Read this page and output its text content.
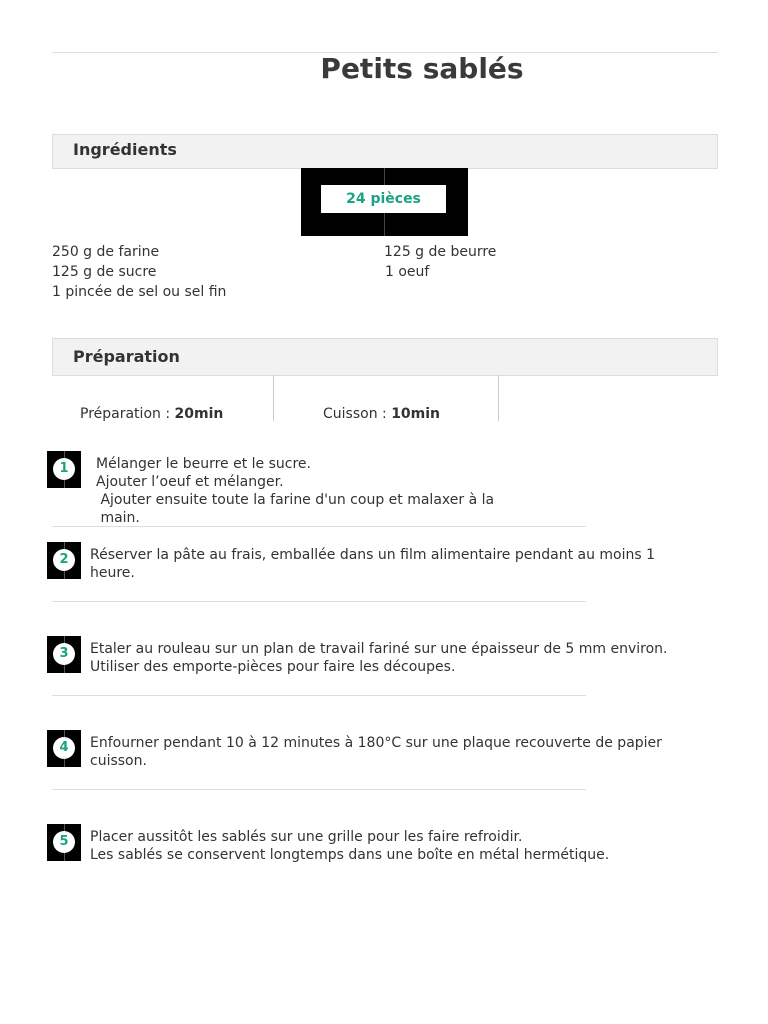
Petits sablés
Ingrédients
24 pièces
250 g de farine
125 g de sucre
1 pincée de sel ou sel fin
125 g de beurre
1 oeuf
Préparation
Préparation : 20min	Cuisson : 10min
1	Mélanger le beurre et le sucre.
Ajouter l’oeuf et mélanger.
Ajouter ensuite toute la farine d'un coup et malaxer à la
main.
2	Réserver la pâte au frais, emballée dans un film alimentaire pendant au moins 1
heure.
3	Etaler au rouleau sur un plan de travail fariné sur une épaisseur de 5 mm environ.
Utiliser des emporte-pièces pour faire les découpes.
4	Enfourner pendant 10 à 12 minutes à 180°C sur une plaque recouverte de papier
cuisson.
5	Placer aussitôt les sablés sur une grille pour les faire refroidir.
Les sablés se conservent longtemps dans une boîte en métal hermétique.
